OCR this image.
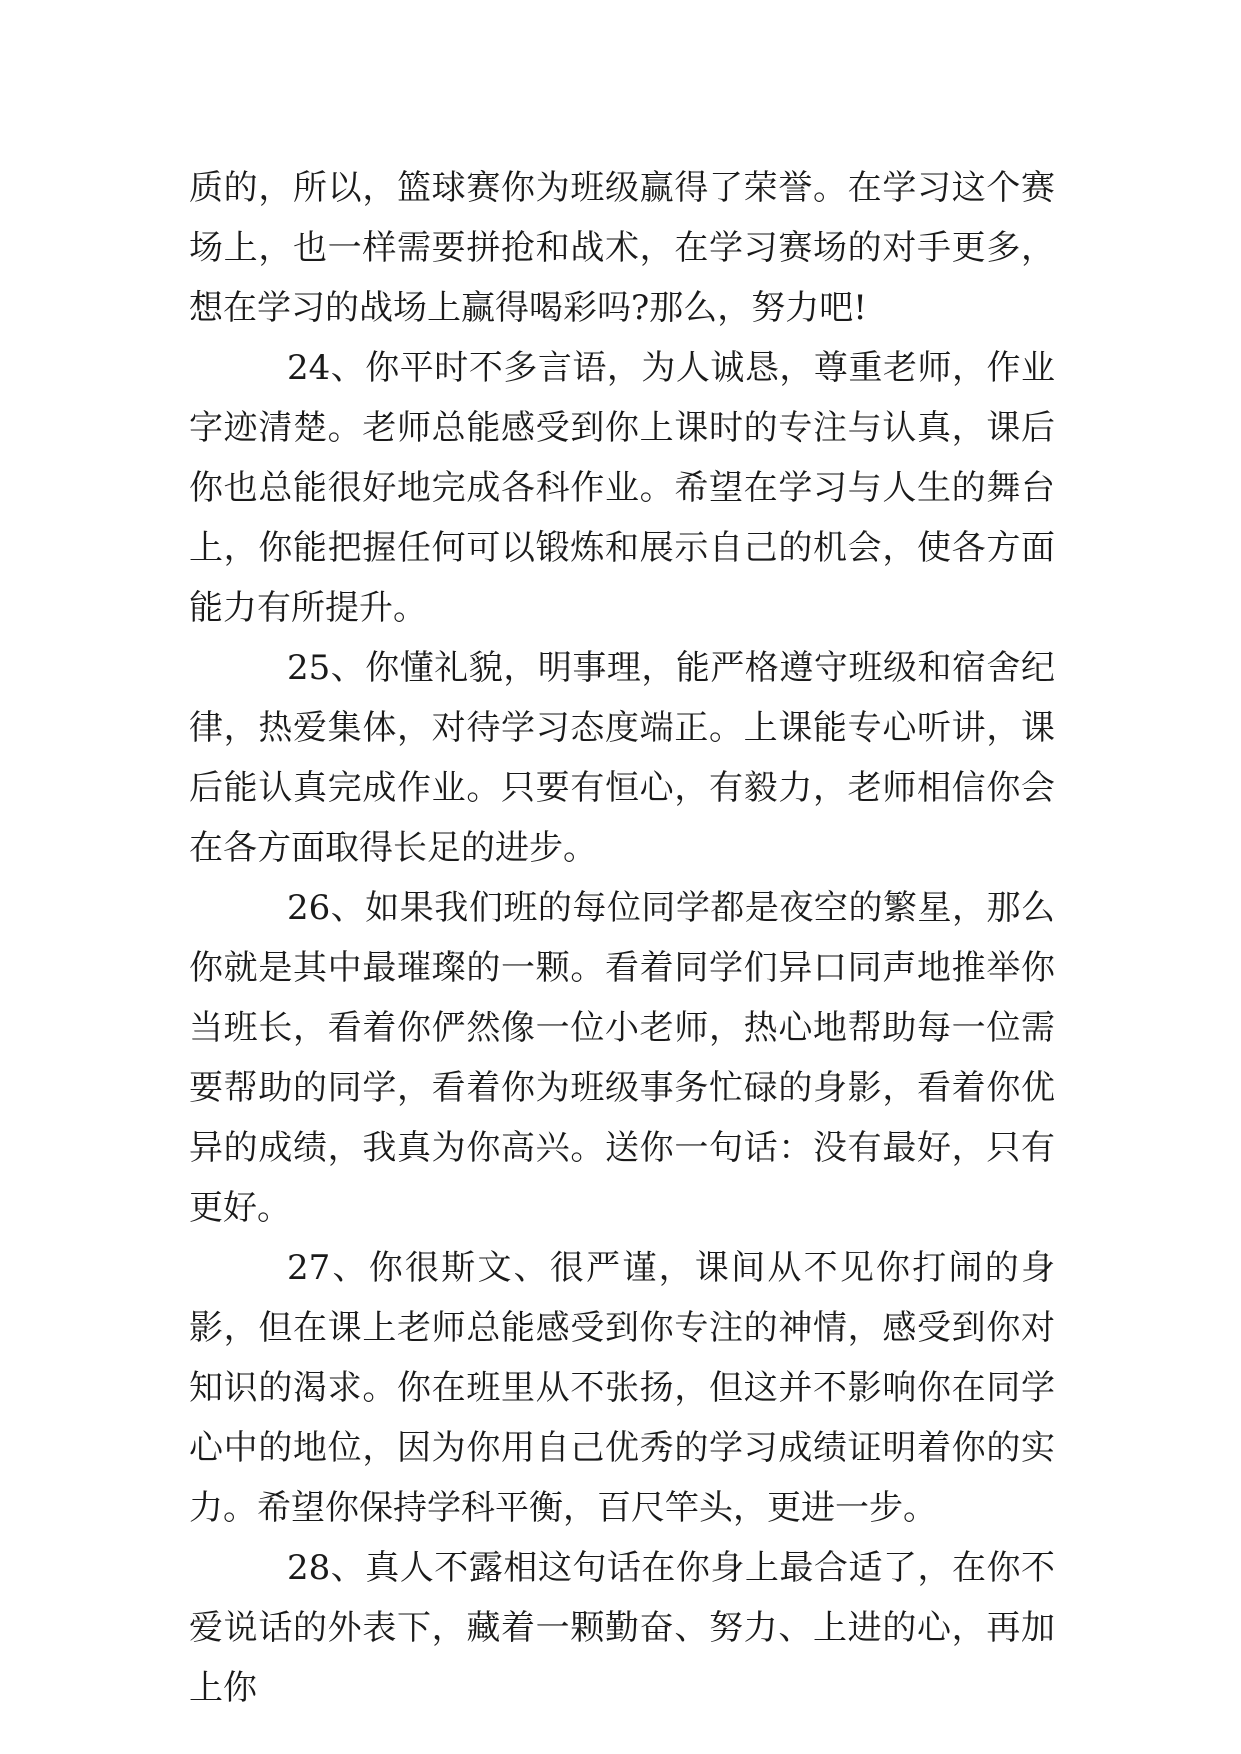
质的，所以，篮球赛你为班级赢得了荣誉。在学习这个赛场上，也一样需要拼抢和战术，在学习赛场的对手更多，想在学习的战场上赢得喝彩吗?那么，努力吧!

24、你平时不多言语，为人诚恳，尊重老师，作业字迹清楚。老师总能感受到你上课时的专注与认真，课后你也总能很好地完成各科作业。希望在学习与人生的舞台上，你能把握任何可以锻炼和展示自己的机会，使各方面能力有所提升。

25、你懂礼貌，明事理，能严格遵守班级和宿舍纪律，热爱集体，对待学习态度端正。上课能专心听讲，课后能认真完成作业。只要有恒心，有毅力，老师相信你会在各方面取得长足的进步。

26、如果我们班的每位同学都是夜空的繁星，那么你就是其中最璀璨的一颗。看着同学们异口同声地推举你当班长，看着你俨然像一位小老师，热心地帮助每一位需要帮助的同学，看着你为班级事务忙碌的身影，看着你优异的成绩，我真为你高兴。送你一句话：没有最好，只有更好。

27、你很斯文、很严谨，课间从不见你打闹的身影，但在课上老师总能感受到你专注的神情，感受到你对知识的渴求。你在班里从不张扬，但这并不影响你在同学心中的地位，因为你用自己优秀的学习成绩证明着你的实力。希望你保持学科平衡，百尺竿头，更进一步。

28、真人不露相这句话在你身上最合适了，在你不爱说话的外表下，藏着一颗勤奋、努力、上进的心，再加上你
